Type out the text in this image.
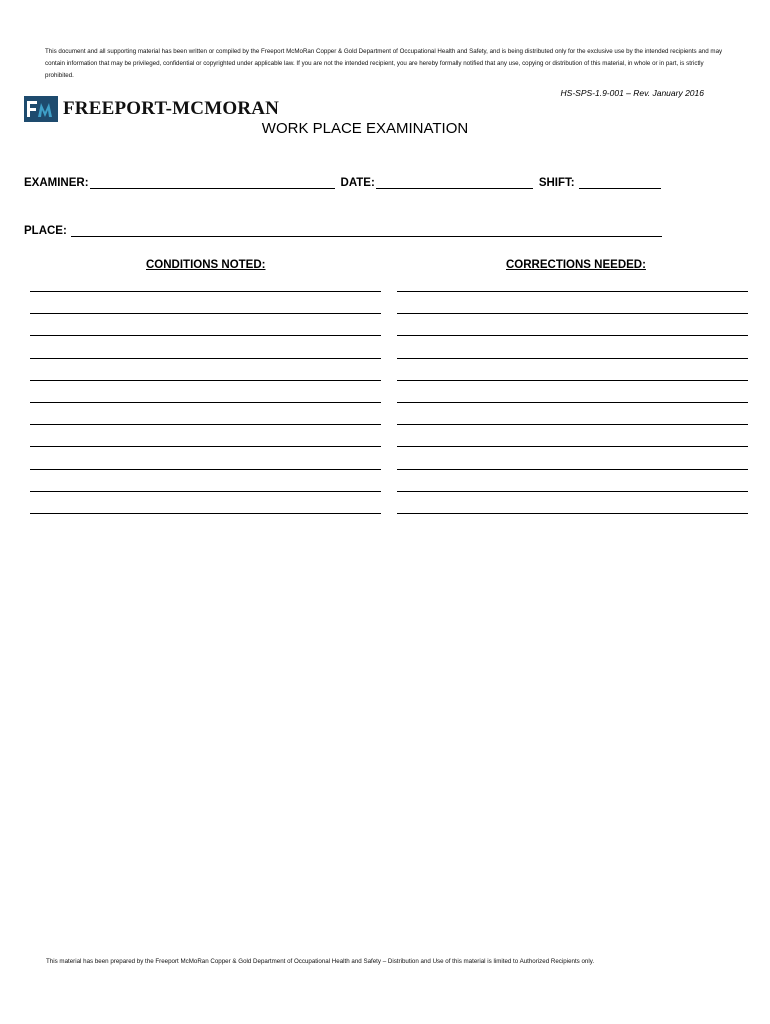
This document and all supporting material has been written or compiled by the Freeport McMoRan Copper & Gold Department of Occupational Health and Safety, and is being distributed only for the exclusive use by the intended recipients and may contain information that may be privileged, confidential or copyrighted under applicable law. If you are not the intended recipient, you are hereby formally notified that any use, copying or distribution of this material, in whole or in part, is strictly prohibited.
HS-SPS-1.9-001 – Rev. January 2016
FREEPORT-MCMORAN
WORK PLACE EXAMINATION
EXAMINER:	DATE:	SHIFT:
PLACE:
CONDITIONS NOTED:	CORRECTIONS NEEDED:
This material has been prepared by the Freeport McMoRan Copper & Gold Department of Occupational Health and Safety – Distribution and Use of this material is limited to Authorized Recipients only.
